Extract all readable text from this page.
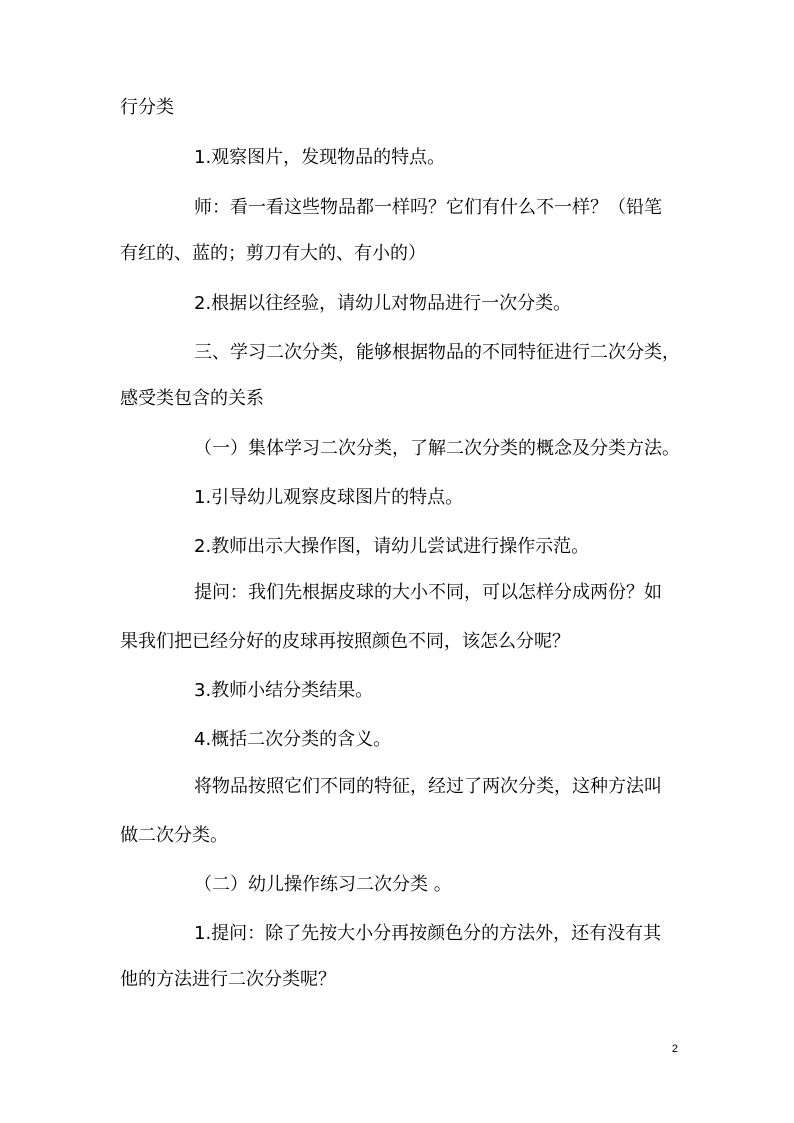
行分类
1.观察图片，发现物品的特点。
师：看一看这些物品都一样吗？它们有什么不一样？（铅笔
有红的、蓝的；剪刀有大的、有小的）
2.根据以往经验，请幼儿对物品进行一次分类。
三、学习二次分类，能够根据物品的不同特征进行二次分类，
感受类包含的关系
（一）集体学习二次分类，了解二次分类的概念及分类方法。
1.引导幼儿观察皮球图片的特点。
2.教师出示大操作图，请幼儿尝试进行操作示范。
提问：我们先根据皮球的大小不同，可以怎样分成两份？如
果我们把已经分好的皮球再按照颜色不同，该怎么分呢？
3.教师小结分类结果。
4.概括二次分类的含义。
将物品按照它们不同的特征，经过了两次分类，这种方法叫
做二次分类。
（二）幼儿操作练习二次分类 。
1.提问：除了先按大小分再按颜色分的方法外，还有没有其
他的方法进行二次分类呢？
2
